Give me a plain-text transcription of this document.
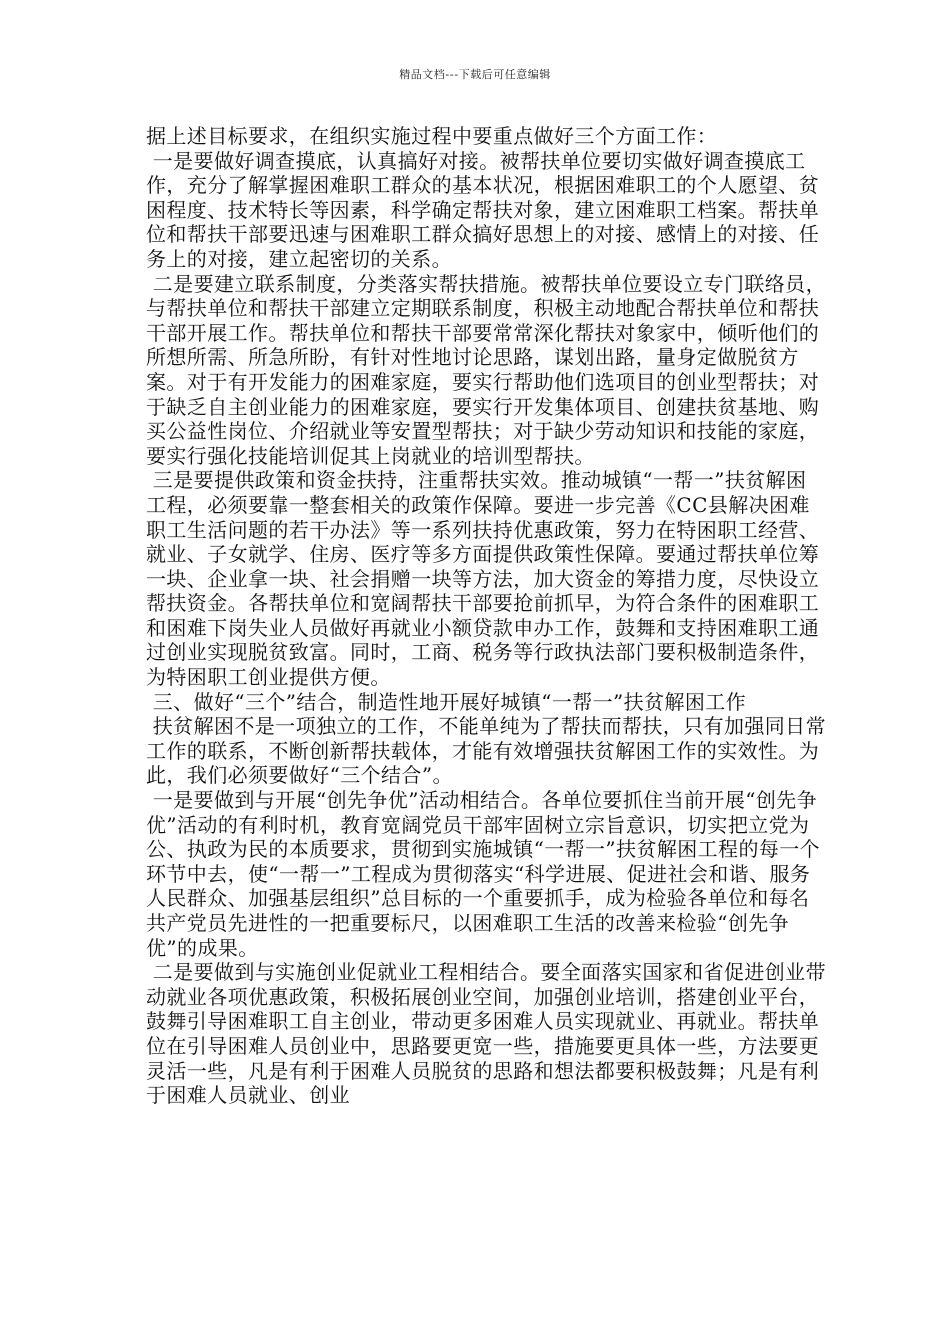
精品文档---下载后可任意编辑

据上述目标要求，在组织实施过程中要重点做好三个方面工作：

一是要做好调查摸底，认真搞好对接。被帮扶单位要切实做好调查摸底工作，充分了解掌握困难职工群众的基本状况，根据困难职工的个人愿望、贫困程度、技术特长等因素，科学确定帮扶对象，建立困难职工档案。帮扶单位和帮扶干部要迅速与困难职工群众搞好思想上的对接、感情上的对接、任务上的对接，建立起密切的关系。

二是要建立联系制度，分类落实帮扶措施。被帮扶单位要设立专门联络员，与帮扶单位和帮扶干部建立定期联系制度，积极主动地配合帮扶单位和帮扶干部开展工作。帮扶单位和帮扶干部要常常深化帮扶对象家中，倾听他们的所想所需、所急所盼，有针对性地讨论思路，谋划出路，量身定做脱贫方案。对于有开发能力的困难家庭，要实行帮助他们选项目的创业型帮扶；对于缺乏自主创业能力的困难家庭，要实行开发集体项目、创建扶贫基地、购买公益性岗位、介绍就业等安置型帮扶；对于缺少劳动知识和技能的家庭，要实行强化技能培训促其上岗就业的培训型帮扶。

三是要提供政策和资金扶持，注重帮扶实效。推动城镇“一帮一”扶贫解困工程，必须要靠一整套相关的政策作保障。要进一步完善《CC县解决困难职工生活问题的若干办法》等一系列扶持优惠政策，努力在特困职工经营、就业、子女就学、住房、医疗等多方面提供政策性保障。要通过帮扶单位筹一块、企业拿一块、社会捐赠一块等方法，加大资金的筹措力度，尽快设立帮扶资金。各帮扶单位和宽阔帮扶干部要抢前抓早，为符合条件的困难职工和困难下岗失业人员做好再就业小额贷款申办工作，鼓舞和支持困难职工通过创业实现脱贫致富。同时，工商、税务等行政执法部门要积极制造条件，为特困职工创业提供方便。

三、做好“三个”结合，制造性地开展好城镇“一帮一”扶贫解困工作

扶贫解困不是一项独立的工作，不能单纯为了帮扶而帮扶，只有加强同日常工作的联系，不断创新帮扶载体，才能有效增强扶贫解困工作的实效性。为此，我们必须要做好“三个结合”。

一是要做到与开展“创先争优”活动相结合。各单位要抓住当前开展“创先争优”活动的有利时机，教育宽阔党员干部牢固树立宗旨意识，切实把立党为公、执政为民的本质要求，贯彻到实施城镇“一帮一”扶贫解困工程的每一个环节中去，使“一帮一”工程成为贯彻落实“科学进展、促进社会和谐、服务人民群众、加强基层组织”总目标的一个重要抓手，成为检验各单位和每名共产党员先进性的一把重要标尺，以困难职工生活的改善来检验“创先争优”的成果。

二是要做到与实施创业促就业工程相结合。要全面落实国家和省促进创业带动就业各项优惠政策，积极拓展创业空间，加强创业培训，搭建创业平台，鼓舞引导困难职工自主创业，带动更多困难人员实现就业、再就业。帮扶单位在引导困难人员创业中，思路要更宽一些，措施要更具体一些，方法要更灵活一些，凡是有利于困难人员脱贫的思路和想法都要积极鼓舞；凡是有利于困难人员就业、创业
